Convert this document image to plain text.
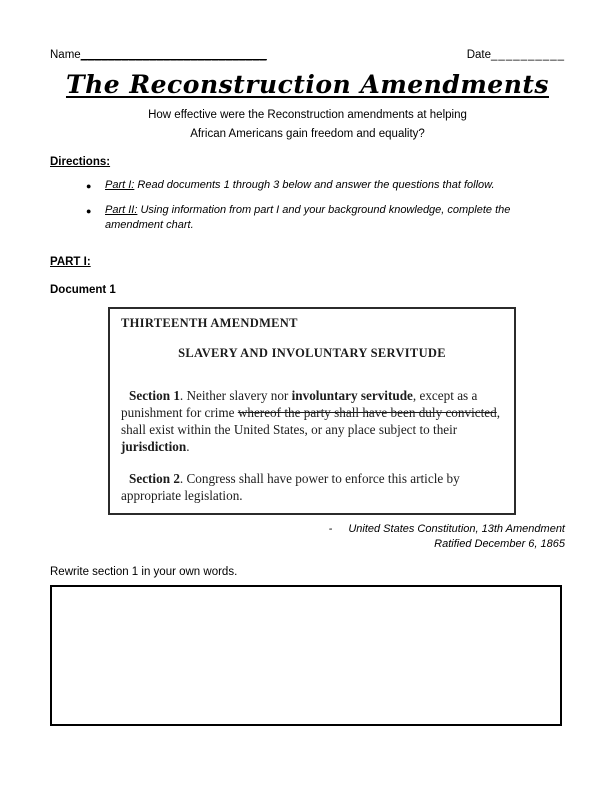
Name___________________________	Date__________
The Reconstruction Amendments
How effective were the Reconstruction amendments at helping
African Americans gain freedom and equality?
Directions:
● Part I: Read documents 1 through 3 below and answer the questions that follow.
● Part II: Using information from part I and your background knowledge, complete the amendment chart.
PART I:
Document 1
THIRTEENTH AMENDMENT
SLAVERY AND INVOLUNTARY SERVITUDE

Section 1. Neither slavery nor involuntary servitude, except as a punishment for crime whereof the party shall have been duly convicted, shall exist within the United States, or any place subject to their jurisdiction.

Section 2. Congress shall have power to enforce this article by appropriate legislation.

- United States Constitution, 13th Amendment
Ratified December 6, 1865
Rewrite section 1 in your own words.
